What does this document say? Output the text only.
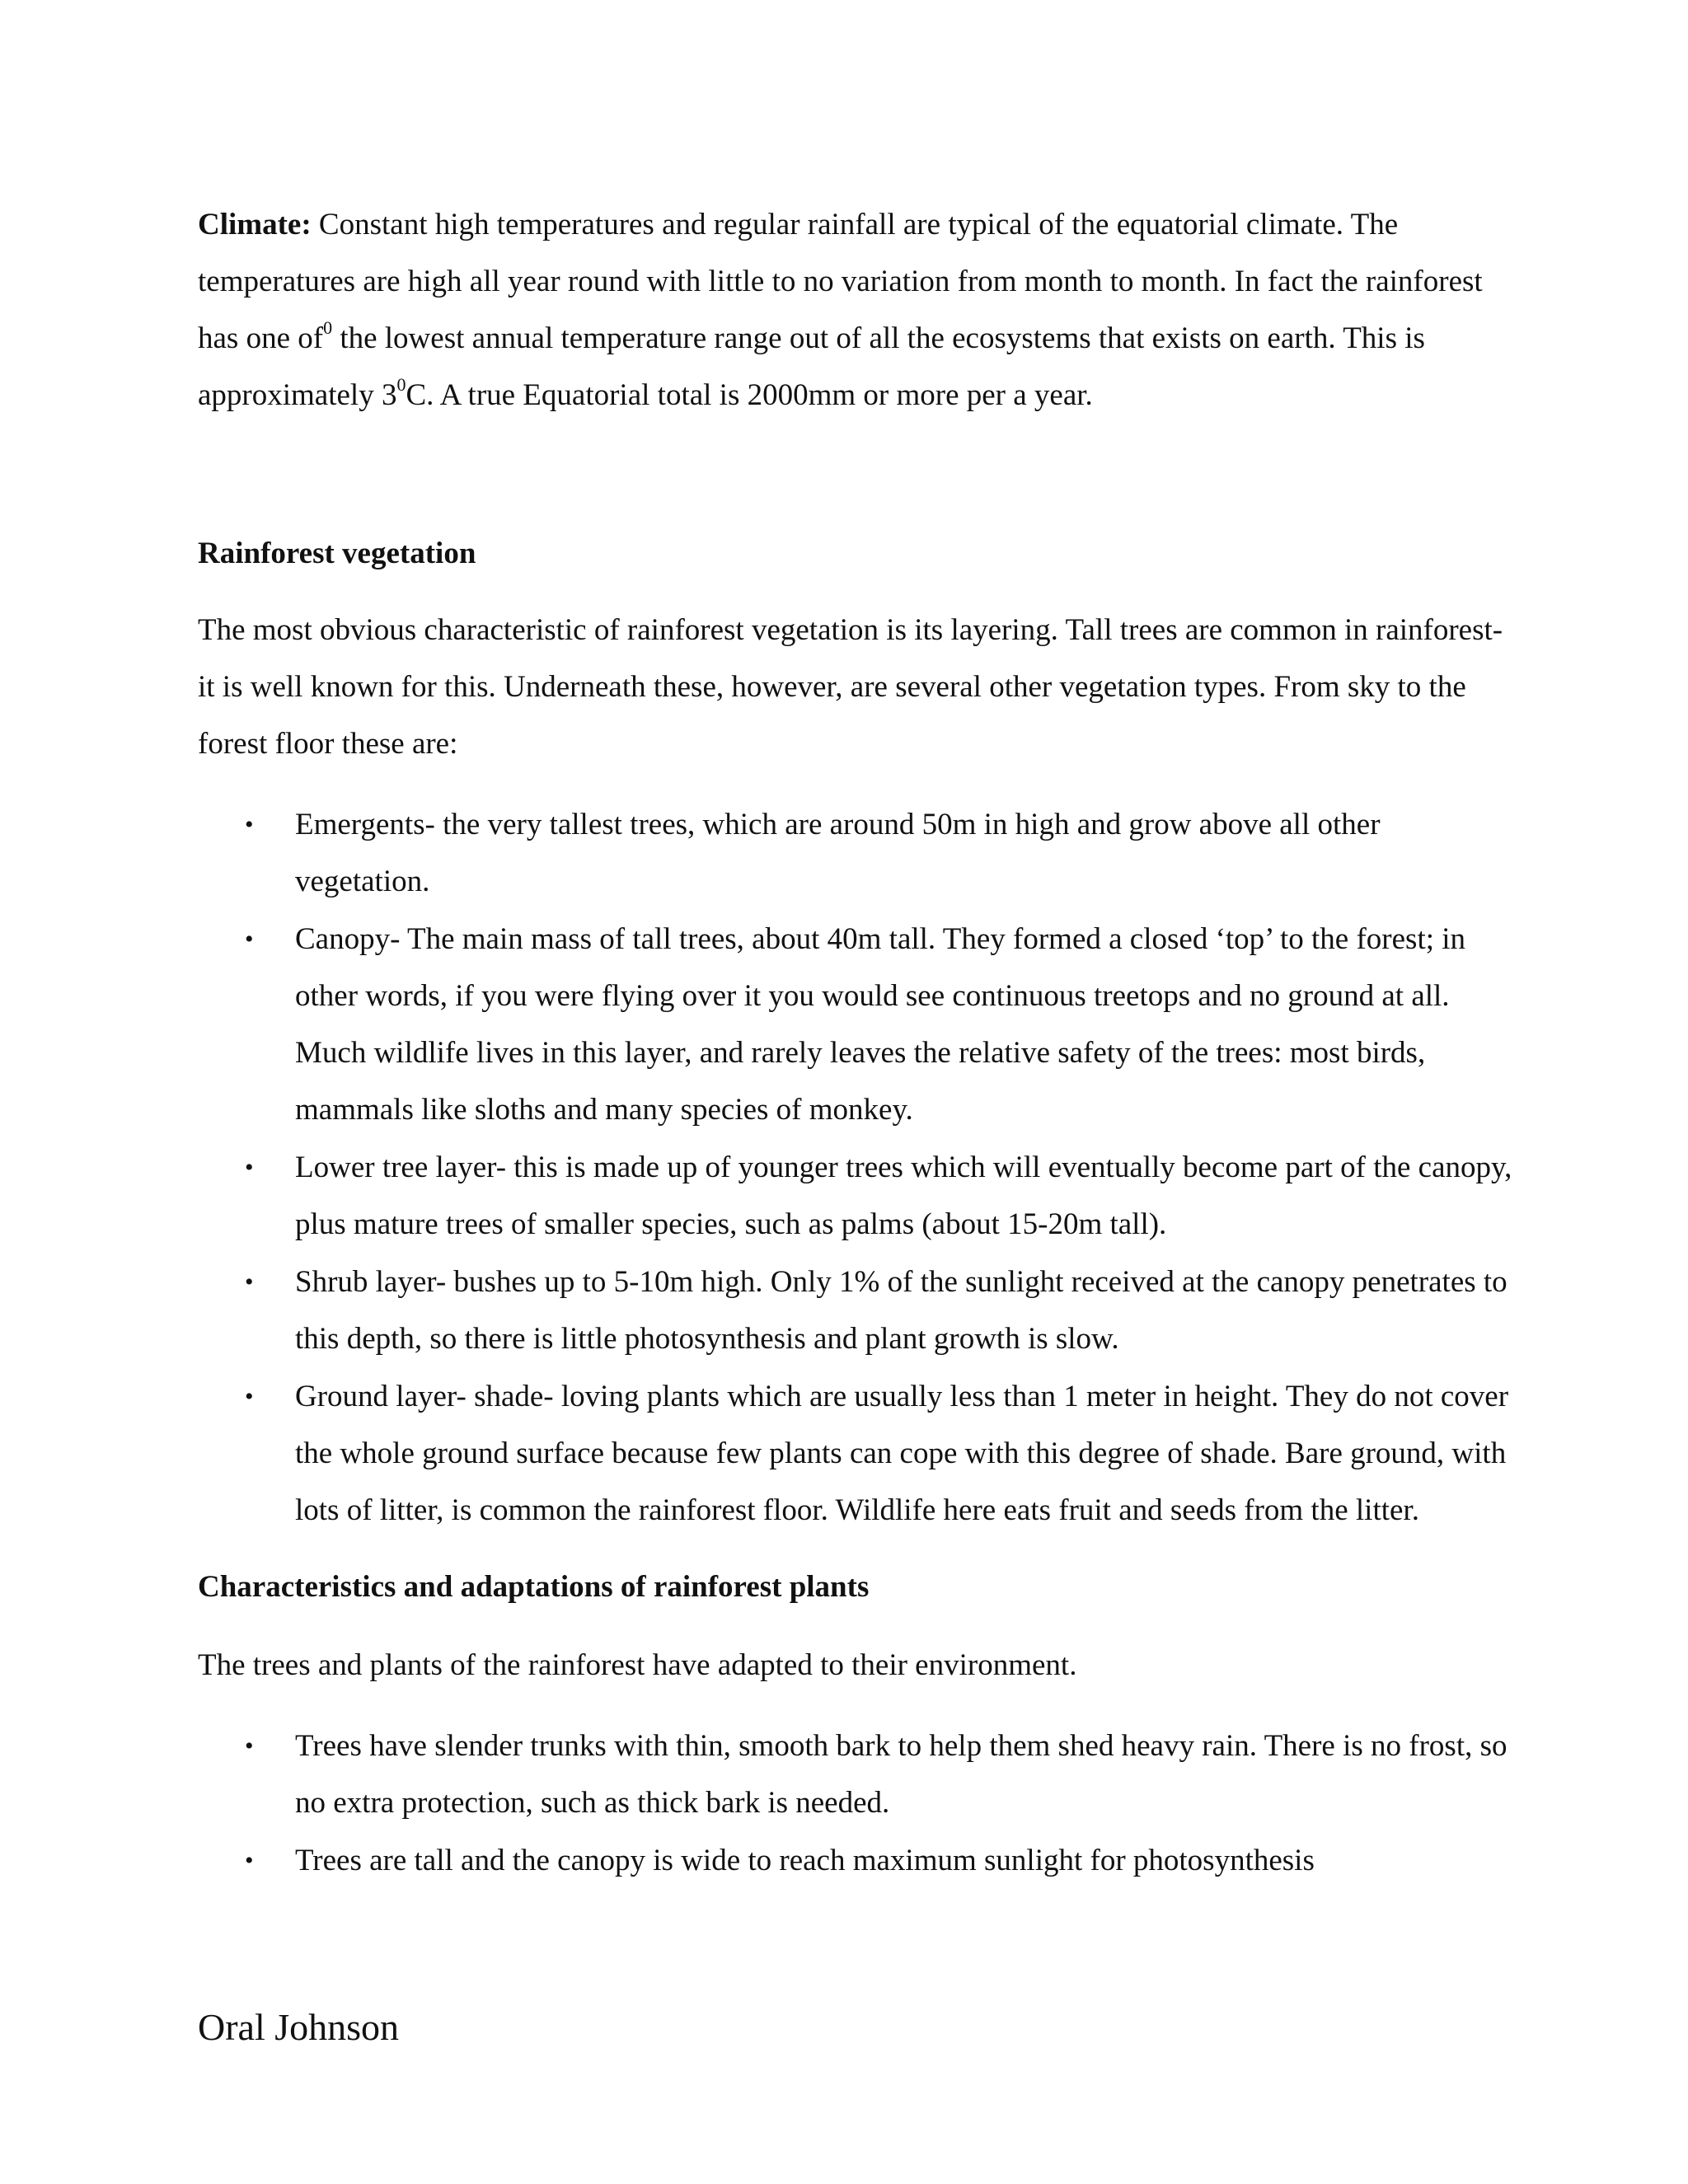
Climate: Constant high temperatures and regular rainfall are typical of the equatorial climate. The temperatures are high all year round with little to no variation from month to month. In fact the rainforest has one $of^0$ the lowest annual temperature range out of all the ecosystems that exists on earth. This is approximately $3^0C$. A true Equatorial total is 2000mm or more per a year.

Rainforest vegetation

The most obvious characteristic of rainforest vegetation is its layering. Tall trees are common in rainforest- it is well known for this. Underneath these, however, are several other vegetation types. From sky to the forest floor these are:

• Emergents- the very tallest trees, which are around 50m in high and grow above all other vegetation.
• Canopy- The main mass of tall trees, about 40m tall. They formed a closed ‘top’ to the forest; in other words, if you were flying over it you would see continuous treetops and no ground at all. Much wildlife lives in this layer, and rarely leaves the relative safety of the trees: most birds, mammals like sloths and many species of monkey.
• Lower tree layer- this is made up of younger trees which will eventually become part of the canopy, plus mature trees of smaller species, such as palms (about 15-20m tall).
• Shrub layer- bushes up to 5-10m high. Only 1% of the sunlight received at the canopy penetrates to this depth, so there is little photosynthesis and plant growth is slow.
• Ground layer- shade- loving plants which are usually less than 1 meter in height. They do not cover the whole ground surface because few plants can cope with this degree of shade. Bare ground, with lots of litter, is common the rainforest floor. Wildlife here eats fruit and seeds from the litter.
Characteristics and adaptations of rainforest plants

The trees and plants of the rainforest have adapted to their environment.

• Trees have slender trunks with thin, smooth bark to help them shed heavy rain. There is no frost, so no extra protection, such as thick bark is needed.
• Trees are tall and the canopy is wide to reach maximum sunlight for photosynthesis

Oral Johnson
